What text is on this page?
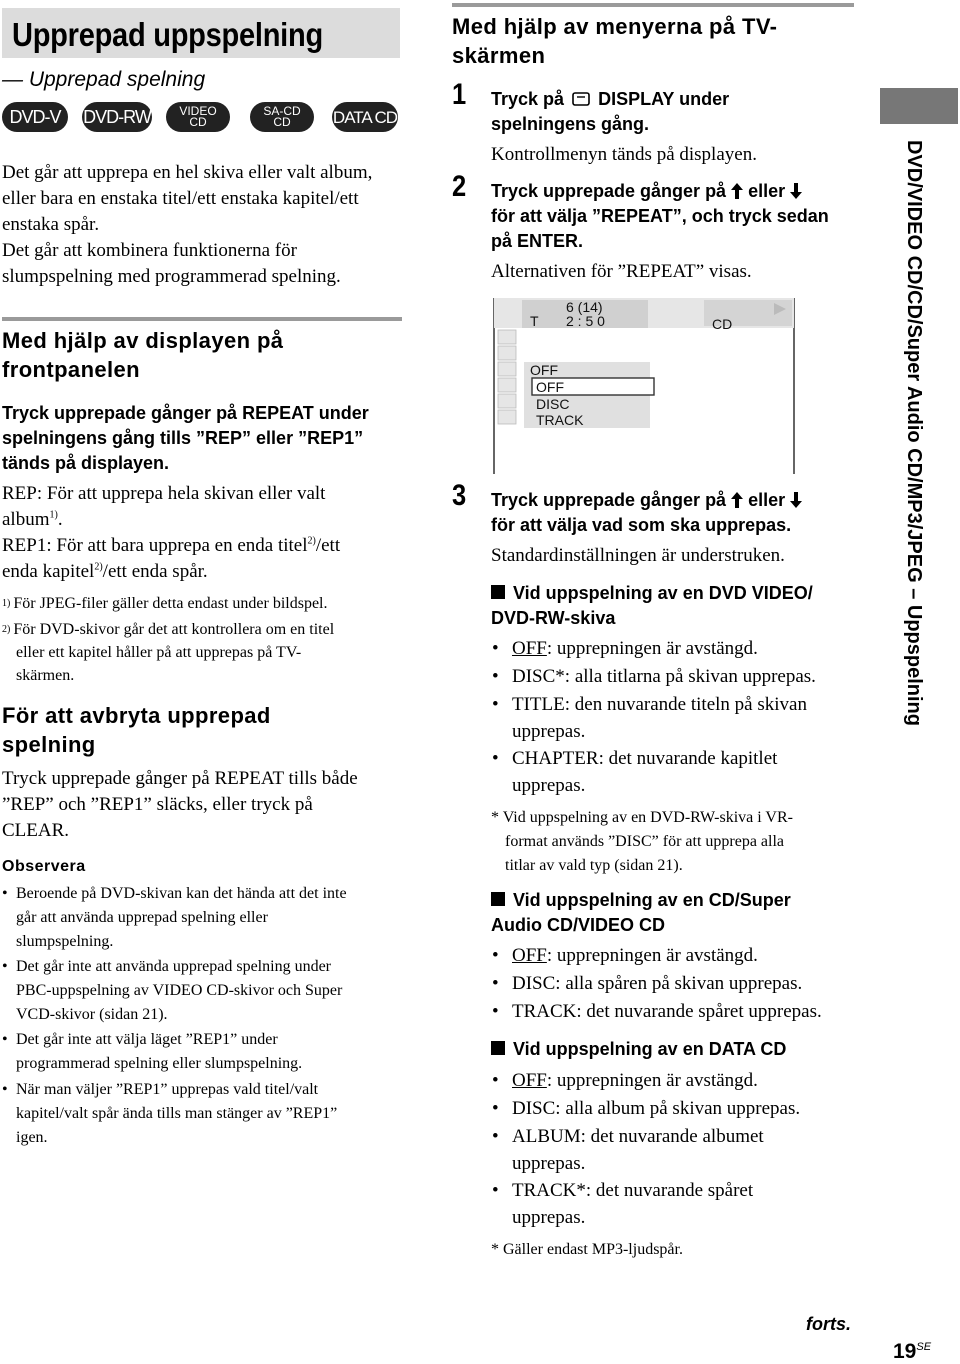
Upprepad uppspelning
— Upprepad spelning
DVD-V DVD-RW VIDEO
CD
SA-CD
CD DATA CD

Det går att upprepa en hel skiva eller valt album,
eller bara en enstaka titel/ett enstaka kapitel/ett
enstaka spår.
Det går att kombinera funktionerna för
slumpspelning med programmerad spelning.

Med hjälp av displayen på
frontpanelen

Tryck upprepade gånger på REPEAT under
spelningens gång tills ”REP” eller ”REP1”
tänds på displayen.

REP: För att upprepa hela skivan eller valt
album$^{1)}$.
REP1: För att bara upprepa en enda titel$^{2)}$/ett
enda kapitel$^{2)}$/ett enda spår.

$^{1)}$ För JPEG-filer gäller detta endast under bildspel.

$^{2)}$ För DVD-skivor går det att kontrollera om en titel
eller ett kapitel håller på att upprepas på TV-
skärmen.

För att avbryta upprepad
spelning

Tryck upprepade gånger på REPEAT tills både
”REP” och ”REP1” släcks, eller tryck på
CLEAR.

Observera

• Beroende på DVD-skivan kan det hända att det inte
går att använda upprepad spelning eller
slumpspelning.

• Det går inte att använda upprepad spelning under
PBC-uppspelning av VIDEO CD-skivor och Super
VCD-skivor (sidan 21).

• Det går inte att välja läget ”REP1” under
programmerad spelning eller slumpspelning.

• När man väljer ”REP1” upprepas vald titel/valt
kapitel/valt spår ända tills man stänger av ”REP1”
igen.

Med hjälp av menyerna på TV-
skärmen
1 Tryck på DISPLAY under
spelningens gång.

Kontrollmenyn tänds på displayen.

2 Tryck upprepade gånger på eller
för att välja ”REPEAT”, och tryck sedan
på ENTER.

Alternativen för ”REPEAT” visas.

6 (14)
T 2 : 5 0	CD
OFF
OFF
DISC
TRACK
3 Tryck upprepade gånger på eller
för att välja vad som ska upprepas.

Standardinställningen är understruken.

Vid uppspelning av en DVD VIDEO/
DVD-RW-skiva

• OFF: upprepningen är avstängd.

• DISC*: alla titlarna på skivan upprepas.

• TITLE: den nuvarande titeln på skivan
upprepas.

• CHAPTER: det nuvarande kapitlet
upprepas.

* Vid uppspelning av en DVD-RW-skiva i VR-
format används ”DISC” för att upprepa alla
titlar av vald typ (sidan 21).

Vid uppspelning av en CD/Super
Audio CD/VIDEO CD

• OFF: upprepningen är avstängd.

• DISC: alla spåren på skivan upprepas.

• TRACK: det nuvarande spåret upprepas.

Vid uppspelning av en DATA CD

• OFF: upprepningen är avstängd.

• DISC: alla album på skivan upprepas.

• ALBUM: det nuvarande albumet
upprepas.

• TRACK*: det nuvarande spåret
upprepas.

* Gäller endast MP3-ljudspår.

DVD/VIDEO CD/CD/Super Audio CD/MP3/JPEG – Uppspelning
forts.
$19^{SE}$
